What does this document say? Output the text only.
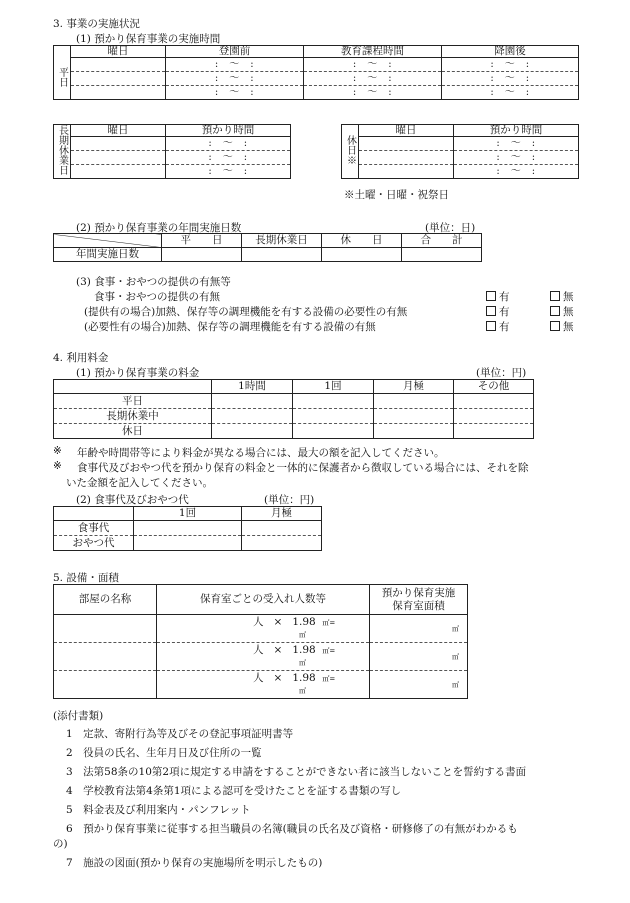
3. 事業の実施状況
(1) 預かり保育事業の実施時間
	曜日	登園前	教育課程時間	降園後
平日		:　～　:	:　～　:	:　～　:
		:　～　:	:　～　:	:　～　:
		:　～　:	:　～　:	:　～　:
長期休業日	曜日	預かり時間
		:　～　:
		:　～　:
		:　～　:
休日※	曜日	預かり時間
		:　～　:
		:　～　:
		:　～　:
※土曜・日曜・祝祭日
(2) 預かり保育事業の年間実施日数	(単位：日)
	平　　日	長期休業日	休　　日	合　　計
年間実施日数				
(3) 食事・おやつの提供の有無等
食事・おやつの提供の有無	有	無
(提供有の場合)加熱、保存等の調理機能を有する設備の必要性の有無	有	無
(必要性有の場合)加熱、保存等の調理機能を有する設備の有無	有	無
4. 利用料金
(1) 預かり保育事業の料金	(単位：円)
	1時間	1回	月極	その他
平日				
長期休業中				
休日				
※ 年齢や時間帯等により料金が異なる場合には、最大の額を記入してください。
※ 食事代及びおやつ代を預かり保育の料金と一体的に保護者から徴収している場合には、それを除
いた金額を記入してください。
(2) 食事代及びおやつ代	(単位：円)
	1回	月極
食事代		
おやつ代		
5. 設備・面積
部屋の名称	保育室ごとの受入れ人数等	預かり保育実施
保育室面積
	人 × 1.98 ㎡=㎡	㎡
	人 × 1.98 ㎡=㎡	㎡
	人 × 1.98 ㎡=㎡	㎡
(添付書類)
1　定款、寄附行為等及びその登記事項証明書等
2　役員の氏名、生年月日及び住所の一覧
3　法第58条の10第2項に規定する申請をすることができない者に該当しないことを誓約する書面
4　学校教育法第4条第1項による認可を受けたことを証する書類の写し
5　料金表及び利用案内・パンフレット
6　預かり保育事業に従事する担当職員の名簿(職員の氏名及び資格・研修修了の有無がわかるも
の)
7　施設の図面(預かり保育の実施場所を明示したもの)
